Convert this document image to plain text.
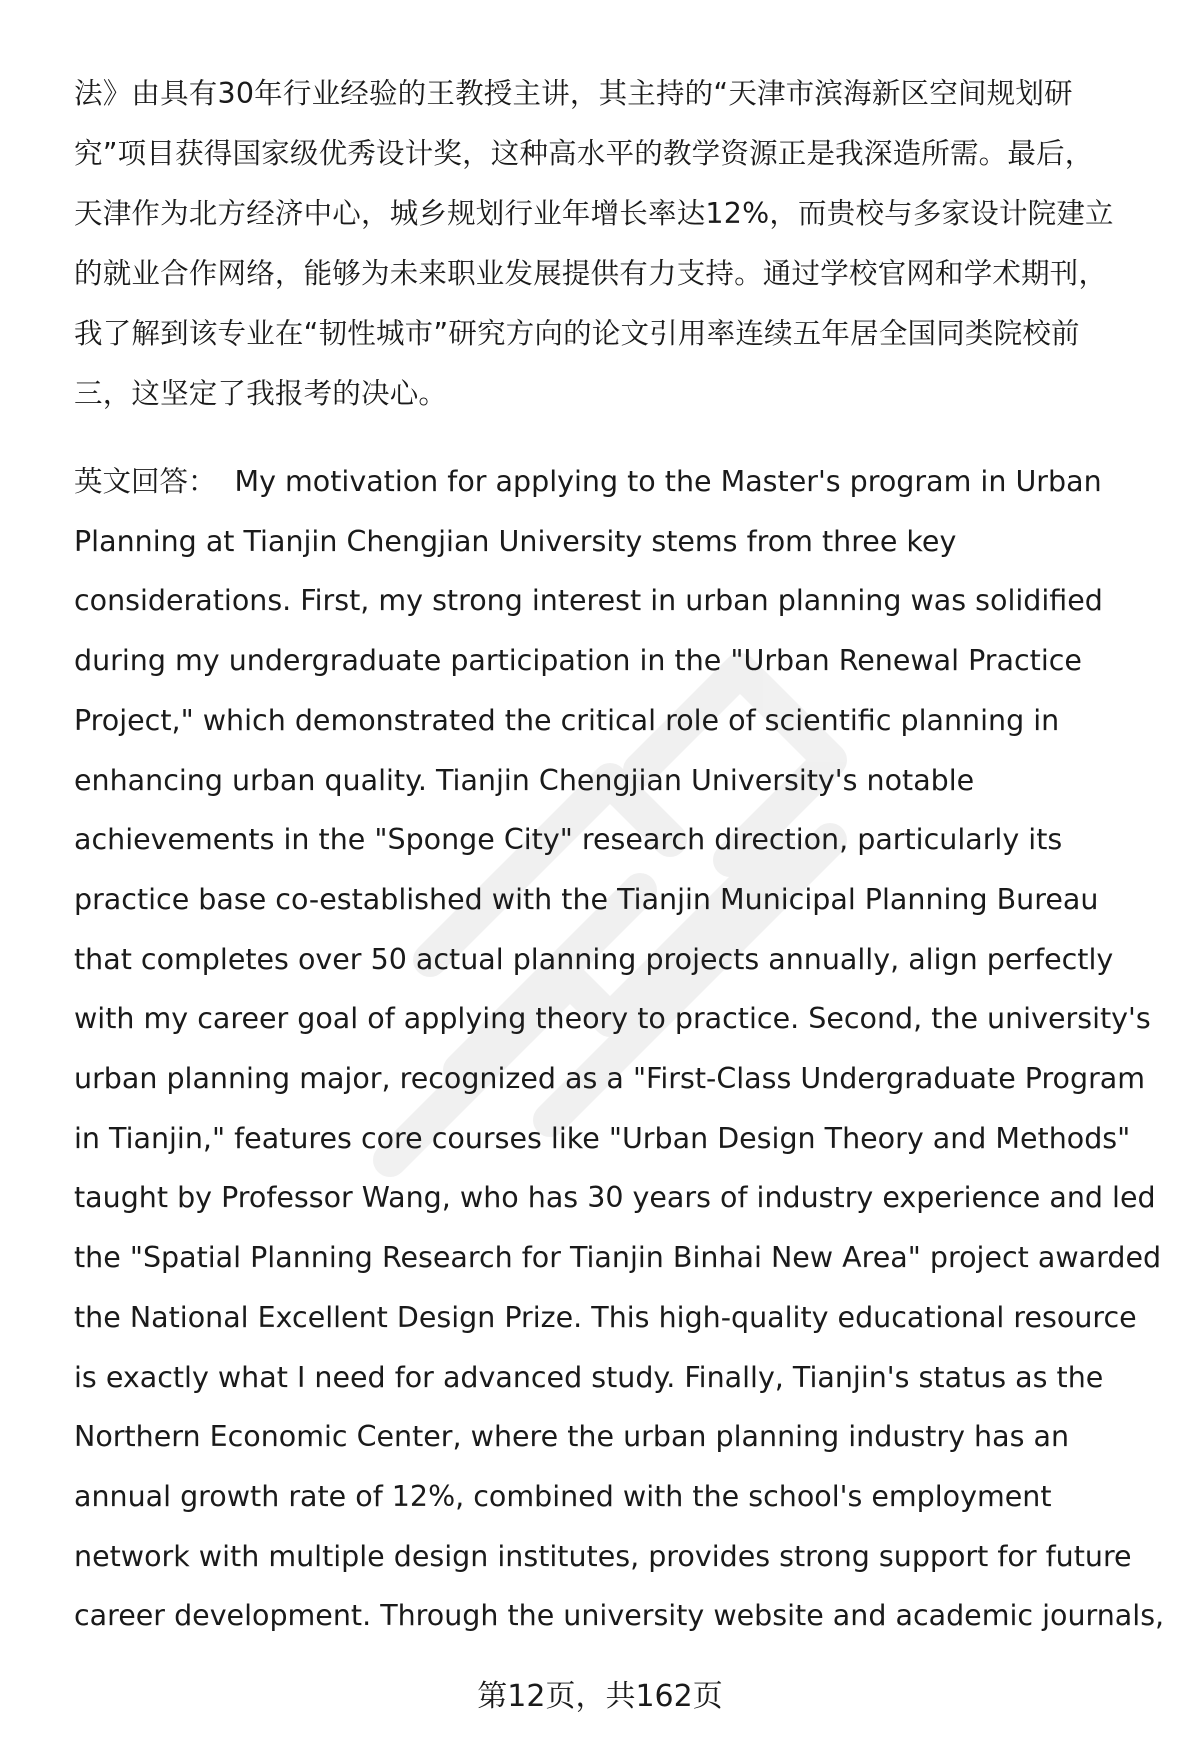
法》由具有30年行业经验的王教授主讲，其主持的“天津市滨海新区空间规划研
究”项目获得国家级优秀设计奖，这种高水平的教学资源正是我深造所需。最后，
天津作为北方经济中心，城乡规划行业年增长率达12%，而贵校与多家设计院建立
的就业合作网络，能够为未来职业发展提供有力支持。通过学校官网和学术期刊，
我了解到该专业在“韧性城市”研究方向的论文引用率连续五年居全国同类院校前
三，这坚定了我报考的决心。

英文回答： My motivation for applying to the Master's program in Urban
Planning at Tianjin Chengjian University stems from three key
considerations. First, my strong interest in urban planning was solidified
during my undergraduate participation in the "Urban Renewal Practice
Project," which demonstrated the critical role of scientific planning in
enhancing urban quality. Tianjin Chengjian University's notable
achievements in the "Sponge City" research direction, particularly its
practice base co-established with the Tianjin Municipal Planning Bureau
that completes over 50 actual planning projects annually, align perfectly
with my career goal of applying theory to practice. Second, the university's
urban planning major, recognized as a "First-Class Undergraduate Program
in Tianjin," features core courses like "Urban Design Theory and Methods"
taught by Professor Wang, who has 30 years of industry experience and led
the "Spatial Planning Research for Tianjin Binhai New Area" project awarded
the National Excellent Design Prize. This high-quality educational resource
is exactly what I need for advanced study. Finally, Tianjin's status as the
Northern Economic Center, where the urban planning industry has an
annual growth rate of 12%, combined with the school's employment
network with multiple design institutes, provides strong support for future
career development. Through the university website and academic journals,

第12页，共162页
